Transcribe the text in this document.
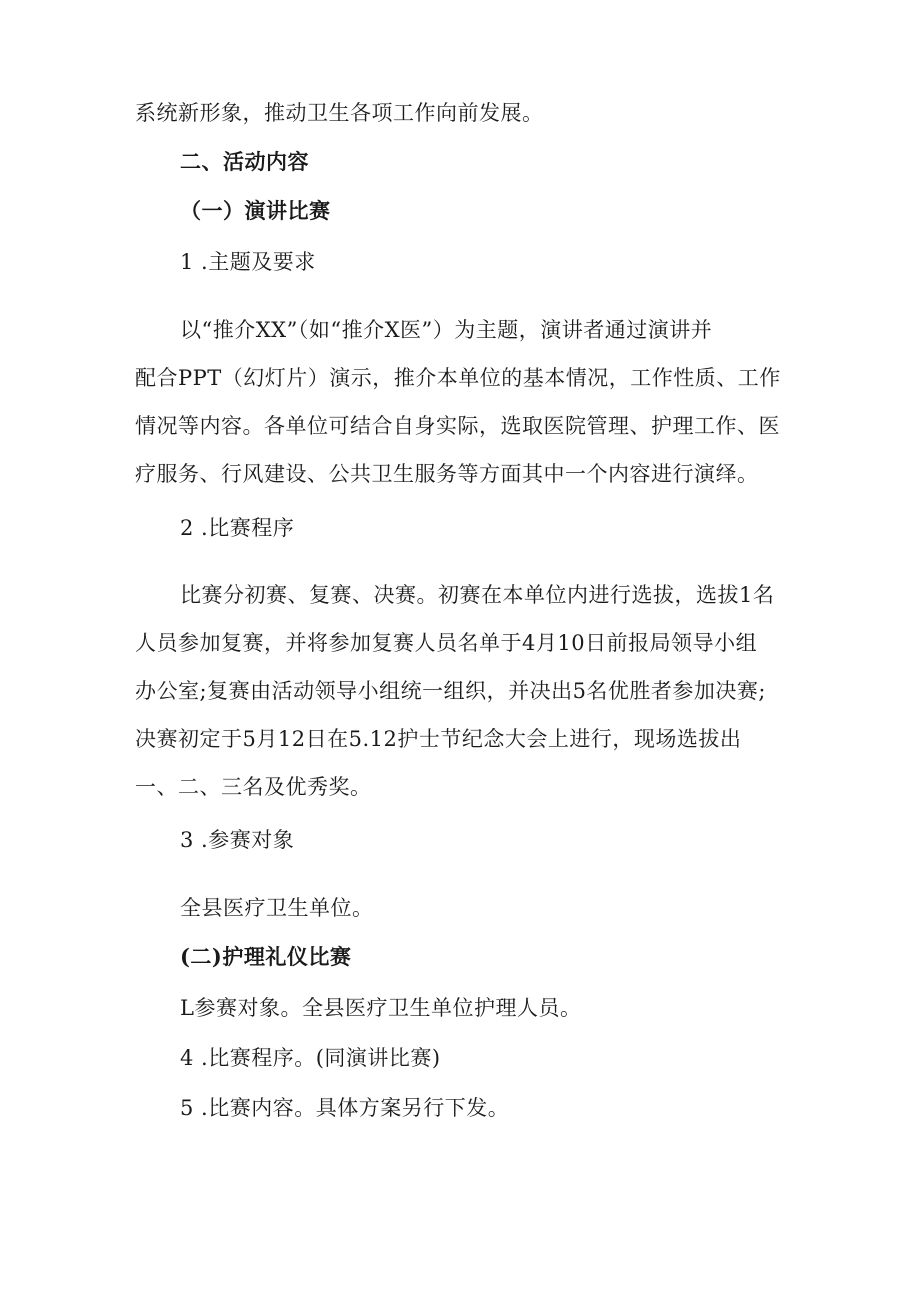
系统新形象，推动卫生各项工作向前发展。
二、活动内容
（一）演讲比赛
1 .主题及要求
以“推介XX”（如“推介X医”）为主题，演讲者通过演讲并
配合PPT（幻灯片）演示，推介本单位的基本情况，工作性质、工作
情况等内容。各单位可结合自身实际，选取医院管理、护理工作、医
疗服务、行风建设、公共卫生服务等方面其中一个内容进行演绎。
2 .比赛程序
比赛分初赛、复赛、决赛。初赛在本单位内进行选拔，选拔1名
人员参加复赛，并将参加复赛人员名单于4月10日前报局领导小组
办公室;复赛由活动领导小组统一组织，并决出5名优胜者参加决赛;
决赛初定于5月12日在5.12护士节纪念大会上进行，现场选拔出
一、二、三名及优秀奖。
3 .参赛对象
全县医疗卫生单位。
(二)护理礼仪比赛
L参赛对象。全县医疗卫生单位护理人员。
4 .比赛程序。(同演讲比赛)
5 .比赛内容。具体方案另行下发。
